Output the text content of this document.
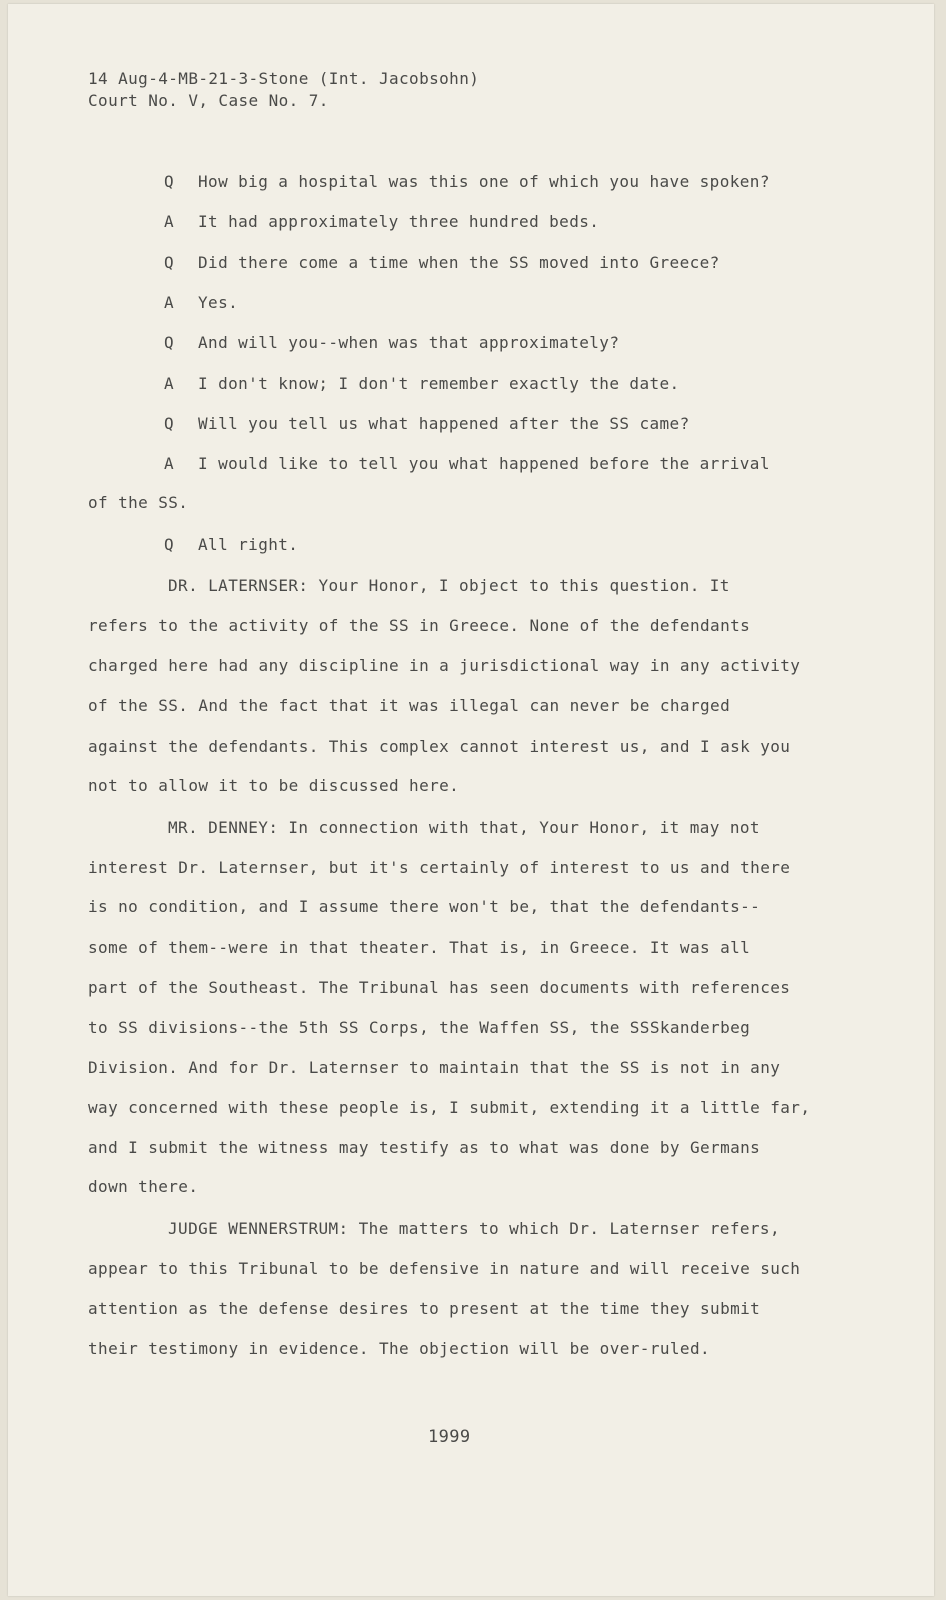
14 Aug-4-MB-21-3-Stone (Int. Jacobsohn)
Court No. V, Case No. 7.
Q How big a hospital was this one of which you have spoken?
A It had approximately three hundred beds.
Q Did there come a time when the SS moved into Greece?
A Yes.
Q And will you--when was that approximately?
A I don't know; I don't remember exactly the date.
Q Will you tell us what happened after the SS came?
A I would like to tell you what happened before the arrival
of the SS.
Q All right.
DR. LATERNSER: Your Honor, I object to this question. It
refers to the activity of the SS in Greece. None of the defendants
charged here had any discipline in a jurisdictional way in any activity
of the SS. And the fact that it was illegal can never be charged
against the defendants. This complex cannot interest us, and I ask you
not to allow it to be discussed here.
MR. DENNEY: In connection with that, Your Honor, it may not
interest Dr. Laternser, but it's certainly of interest to us and there
is no condition, and I assume there won't be, that the defendants--
some of them--were in that theater. That is, in Greece. It was all
part of the Southeast. The Tribunal has seen documents with references
to SS divisions--the 5th SS Corps, the Waffen SS, the SSSkanderbeg
Division. And for Dr. Laternser to maintain that the SS is not in any
way concerned with these people is, I submit, extending it a little far,
and I submit the witness may testify as to what was done by Germans
down there.
JUDGE WENNERSTRUM: The matters to which Dr. Laternser refers,
appear to this Tribunal to be defensive in nature and will receive such
attention as the defense desires to present at the time they submit
their testimony in evidence. The objection will be over-ruled.
1999
